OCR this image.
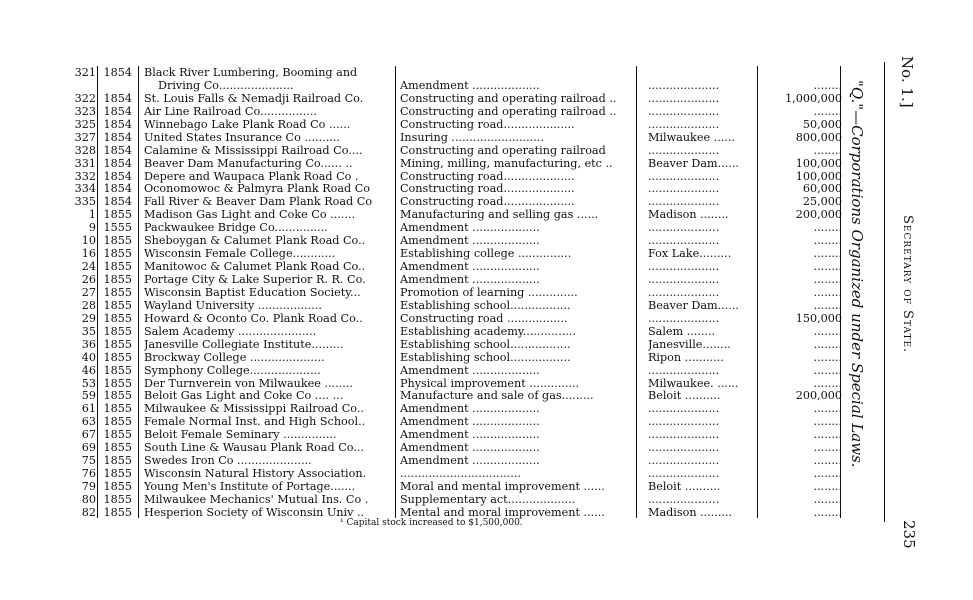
321 1854 Black River Lumbering, Booming and
Driving Co.....................	Amendment ...................	....................	........
322 1854 St. Louis Falls & Nemadji Railroad Co.	Constructing and operating railroad ..	....................	1,000,000
323 1854 Air Line Railroad Co................	Constructing and operating railroad ..	....................	........
325 1854 Winnebago Lake Plank Road Co ......	Constructing road....................	....................	50,000
327 1854 United States Insurance Co ..........	Insuring ..........................	Milwaukee ......	800,000
328 1854 Calamine & Mississippi Railroad Co....	Constructing and operating railroad	....................	........
331 1854 Beaver Dam Manufacturing Co...... ..	Mining, milling, manufacturing, etc ..	Beaver Dam......	100,000
332 1854 Depere and Waupaca Plank Road Co .	Constructing road....................	....................	100,000
334 1854 Oconomowoc & Palmyra Plank Road Co	Constructing road....................	....................	60,000
335 1854 Fall River & Beaver Dam Plank Road Co	Constructing road....................	....................	25,000
1 1855 Madison Gas Light and Coke Co .......	Manufacturing and selling gas ......	Madison ........	200,000
9 1555 Packwaukee Bridge Co...............	Amendment ...................	....................	........
10 1855 Sheboygan & Calumet Plank Road Co..	Amendment ...................	....................	........
16 1855 Wisconsin Female College............	Establishing college ...............	Fox Lake.........	........
24 1855 Manitowoc & Calumet Plank Road Co..	Amendment ...................	....................	........
26 1855 Portage City & Lake Superior R. R. Co.	Amendment ...................	....................	........
27 1855 Wisconsin Baptist Education Society...	Promotion of learning ..............	....................	........
28 1855 Wayland University ..................	Establishing school.................	Beaver Dam......	........
29 1855 Howard & Oconto Co. Plank Road Co..	Constructing road .................	....................	150,000
35 1855 Salem Academy ......................	Establishing academy...............	Salem ........	........
36 1855 Janesville Collegiate Institute.........	Establishing school.................	Janesville........	........
40 1855 Brockway College .....................	Establishing school.................	Ripon ...........	........
46 1855 Symphony College....................	Amendment ...................	....................	........
53 1855 Der Turnverein von Milwaukee ........	Physical improvement ..............	Milwaukee. ......	........
59 1855 Beloit Gas Light and Coke Co .... ...	Manufacture and sale of gas.........	Beloit ..........	200,000
61 1855 Milwaukee & Mississippi Railroad Co..	Amendment ...................	....................	........
63 1855 Female Normal Inst. and High School..	Amendment ...................	....................	........
67 1855 Beloit Female Seminary ...............	Amendment ...................	....................	........
69 1855 South Line & Wausau Plank Road Co...	Amendment ...................	....................	........
75 1855 Swedes Iron Co .....................	Amendment ...................	....................	........
76 1855 Wisconsin Natural History Association.	..................................	....................	........
79 1855 Young Men's Institute of Portage.......	Moral and mental improvement ......	Beloit ..........	........
80 1855 Milwaukee Mechanics' Mutual Ins. Co .	Supplementary act...................	....................	........
82 1855 Hesperion Society of Wisconsin Univ ..	Mental and moral improvement ......	Madison .........	........
¹ Capital stock increased to $1,500,000.
"Q."—Corporations Organized under Special Laws.	Secretary of State.
No. 1.]
235
